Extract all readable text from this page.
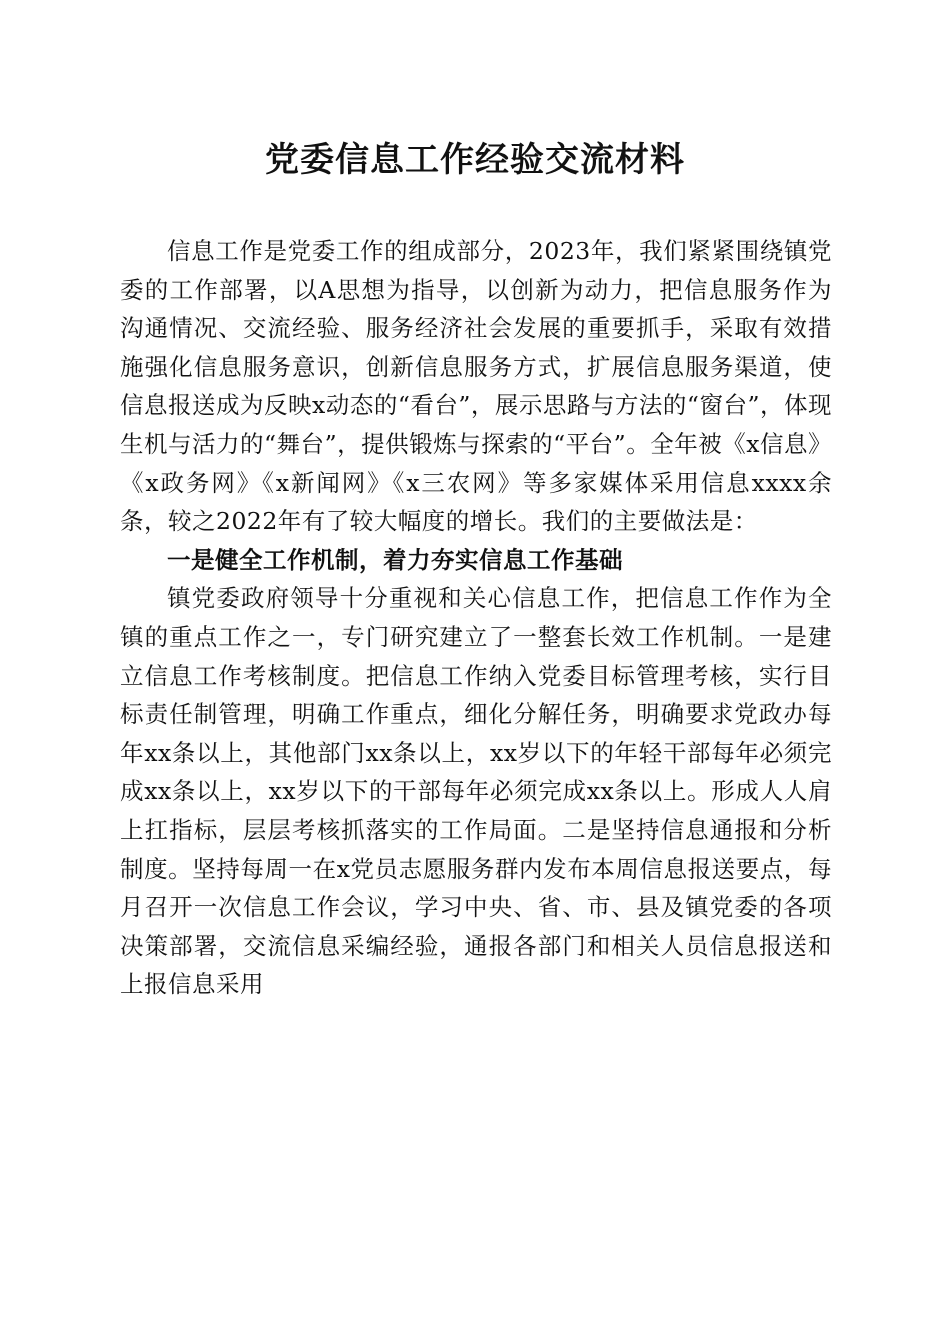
党委信息工作经验交流材料

信息工作是党委工作的组成部分，2023年，我们紧紧围绕镇党委的工作部署，以A思想为指导，以创新为动力，把信息服务作为沟通情况、交流经验、服务经济社会发展的重要抓手，采取有效措施强化信息服务意识，创新信息服务方式，扩展信息服务渠道，使信息报送成为反映x动态的“看台”，展示思路与方法的“窗台”，体现生机与活力的“舞台”，提供锻炼与探索的“平台”。全年被《x信息》《x政务网》《x新闻网》《x三农网》等多家媒体采用信息xxxx余条，较之2022年有了较大幅度的增长。我们的主要做法是：

一是健全工作机制，着力夯实信息工作基础

镇党委政府领导十分重视和关心信息工作，把信息工作作为全镇的重点工作之一，专门研究建立了一整套长效工作机制。一是建立信息工作考核制度。把信息工作纳入党委目标管理考核，实行目标责任制管理，明确工作重点，细化分解任务，明确要求党政办每年xx条以上，其他部门xx条以上，xx岁以下的年轻干部每年必须完成xx条以上，xx岁以下的干部每年必须完成xx条以上。形成人人肩上扛指标，层层考核抓落实的工作局面。二是坚持信息通报和分析制度。坚持每周一在x党员志愿服务群内发布本周信息报送要点，每月召开一次信息工作会议，学习中央、省、市、县及镇党委的各项决策部署，交流信息采编经验，通报各部门和相关人员信息报送和上报信息采用
